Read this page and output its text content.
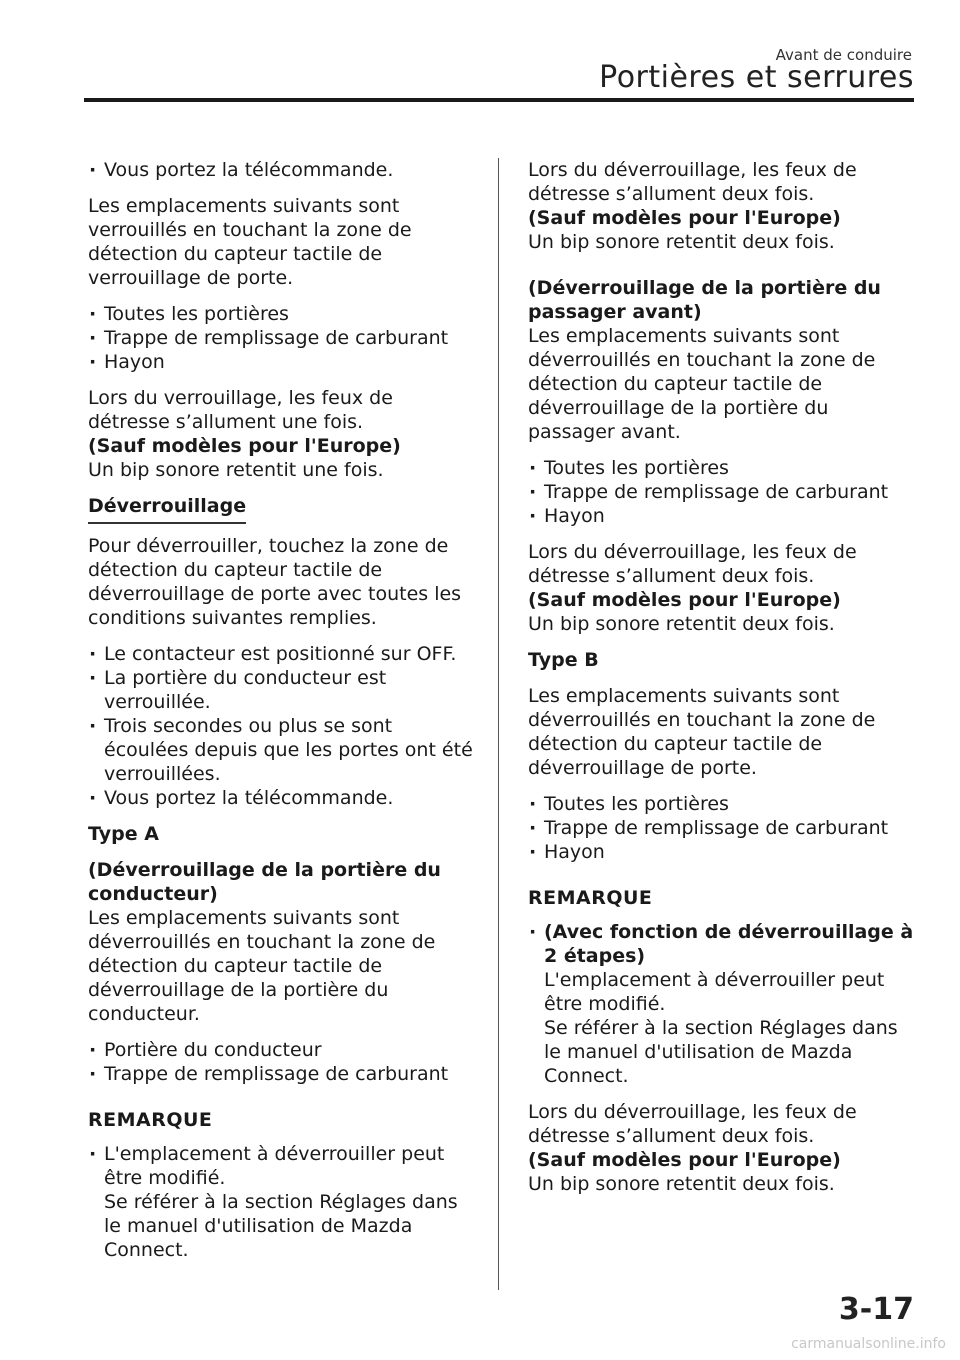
Avant de conduire
Portières et serrures
· Vous portez la télécommande.

Les emplacements suivants sont verrouillés en touchant la zone de détection du capteur tactile de verrouillage de porte.

· Toutes les portières
· Trappe de remplissage de carburant
· Hayon

Lors du verrouillage, les feux de détresse s’allument une fois.
(Sauf modèles pour l'Europe)
Un bip sonore retentit une fois.

Déverrouillage

Pour déverrouiller, touchez la zone de détection du capteur tactile de déverrouillage de porte avec toutes les conditions suivantes remplies.

· Le contacteur est positionné sur OFF.
· La portière du conducteur est verrouillée.
· Trois secondes ou plus se sont écoulées depuis que les portes ont été verrouillées.
· Vous portez la télécommande.
Type A

(Déverrouillage de la portière du conducteur)
Les emplacements suivants sont déverrouillés en touchant la zone de détection du capteur tactile de déverrouillage de la portière du conducteur.

· Portière du conducteur
· Trappe de remplissage de carburant
REMARQUE
· L'emplacement à déverrouiller peut être modifié.
Se référer à la section Réglages dans le manuel d'utilisation de Mazda Connect.

Lors du déverrouillage, les feux de détresse s’allument deux fois.
(Sauf modèles pour l'Europe)
Un bip sonore retentit deux fois.

(Déverrouillage de la portière du passager avant)
Les emplacements suivants sont déverrouillés en touchant la zone de détection du capteur tactile de déverrouillage de la portière du passager avant.

· Toutes les portières
· Trappe de remplissage de carburant
· Hayon

Lors du déverrouillage, les feux de détresse s’allument deux fois.
(Sauf modèles pour l'Europe)
Un bip sonore retentit deux fois.

Type B

Les emplacements suivants sont déverrouillés en touchant la zone de détection du capteur tactile de déverrouillage de porte.

· Toutes les portières
· Trappe de remplissage de carburant
· Hayon
REMARQUE
· (Avec fonction de déverrouillage à 2 étapes)
L'emplacement à déverrouiller peut être modifié.
Se référer à la section Réglages dans le manuel d'utilisation de Mazda Connect.

Lors du déverrouillage, les feux de détresse s’allument deux fois.
(Sauf modèles pour l'Europe)
Un bip sonore retentit deux fois.

3-17
carmanualsonline.info
